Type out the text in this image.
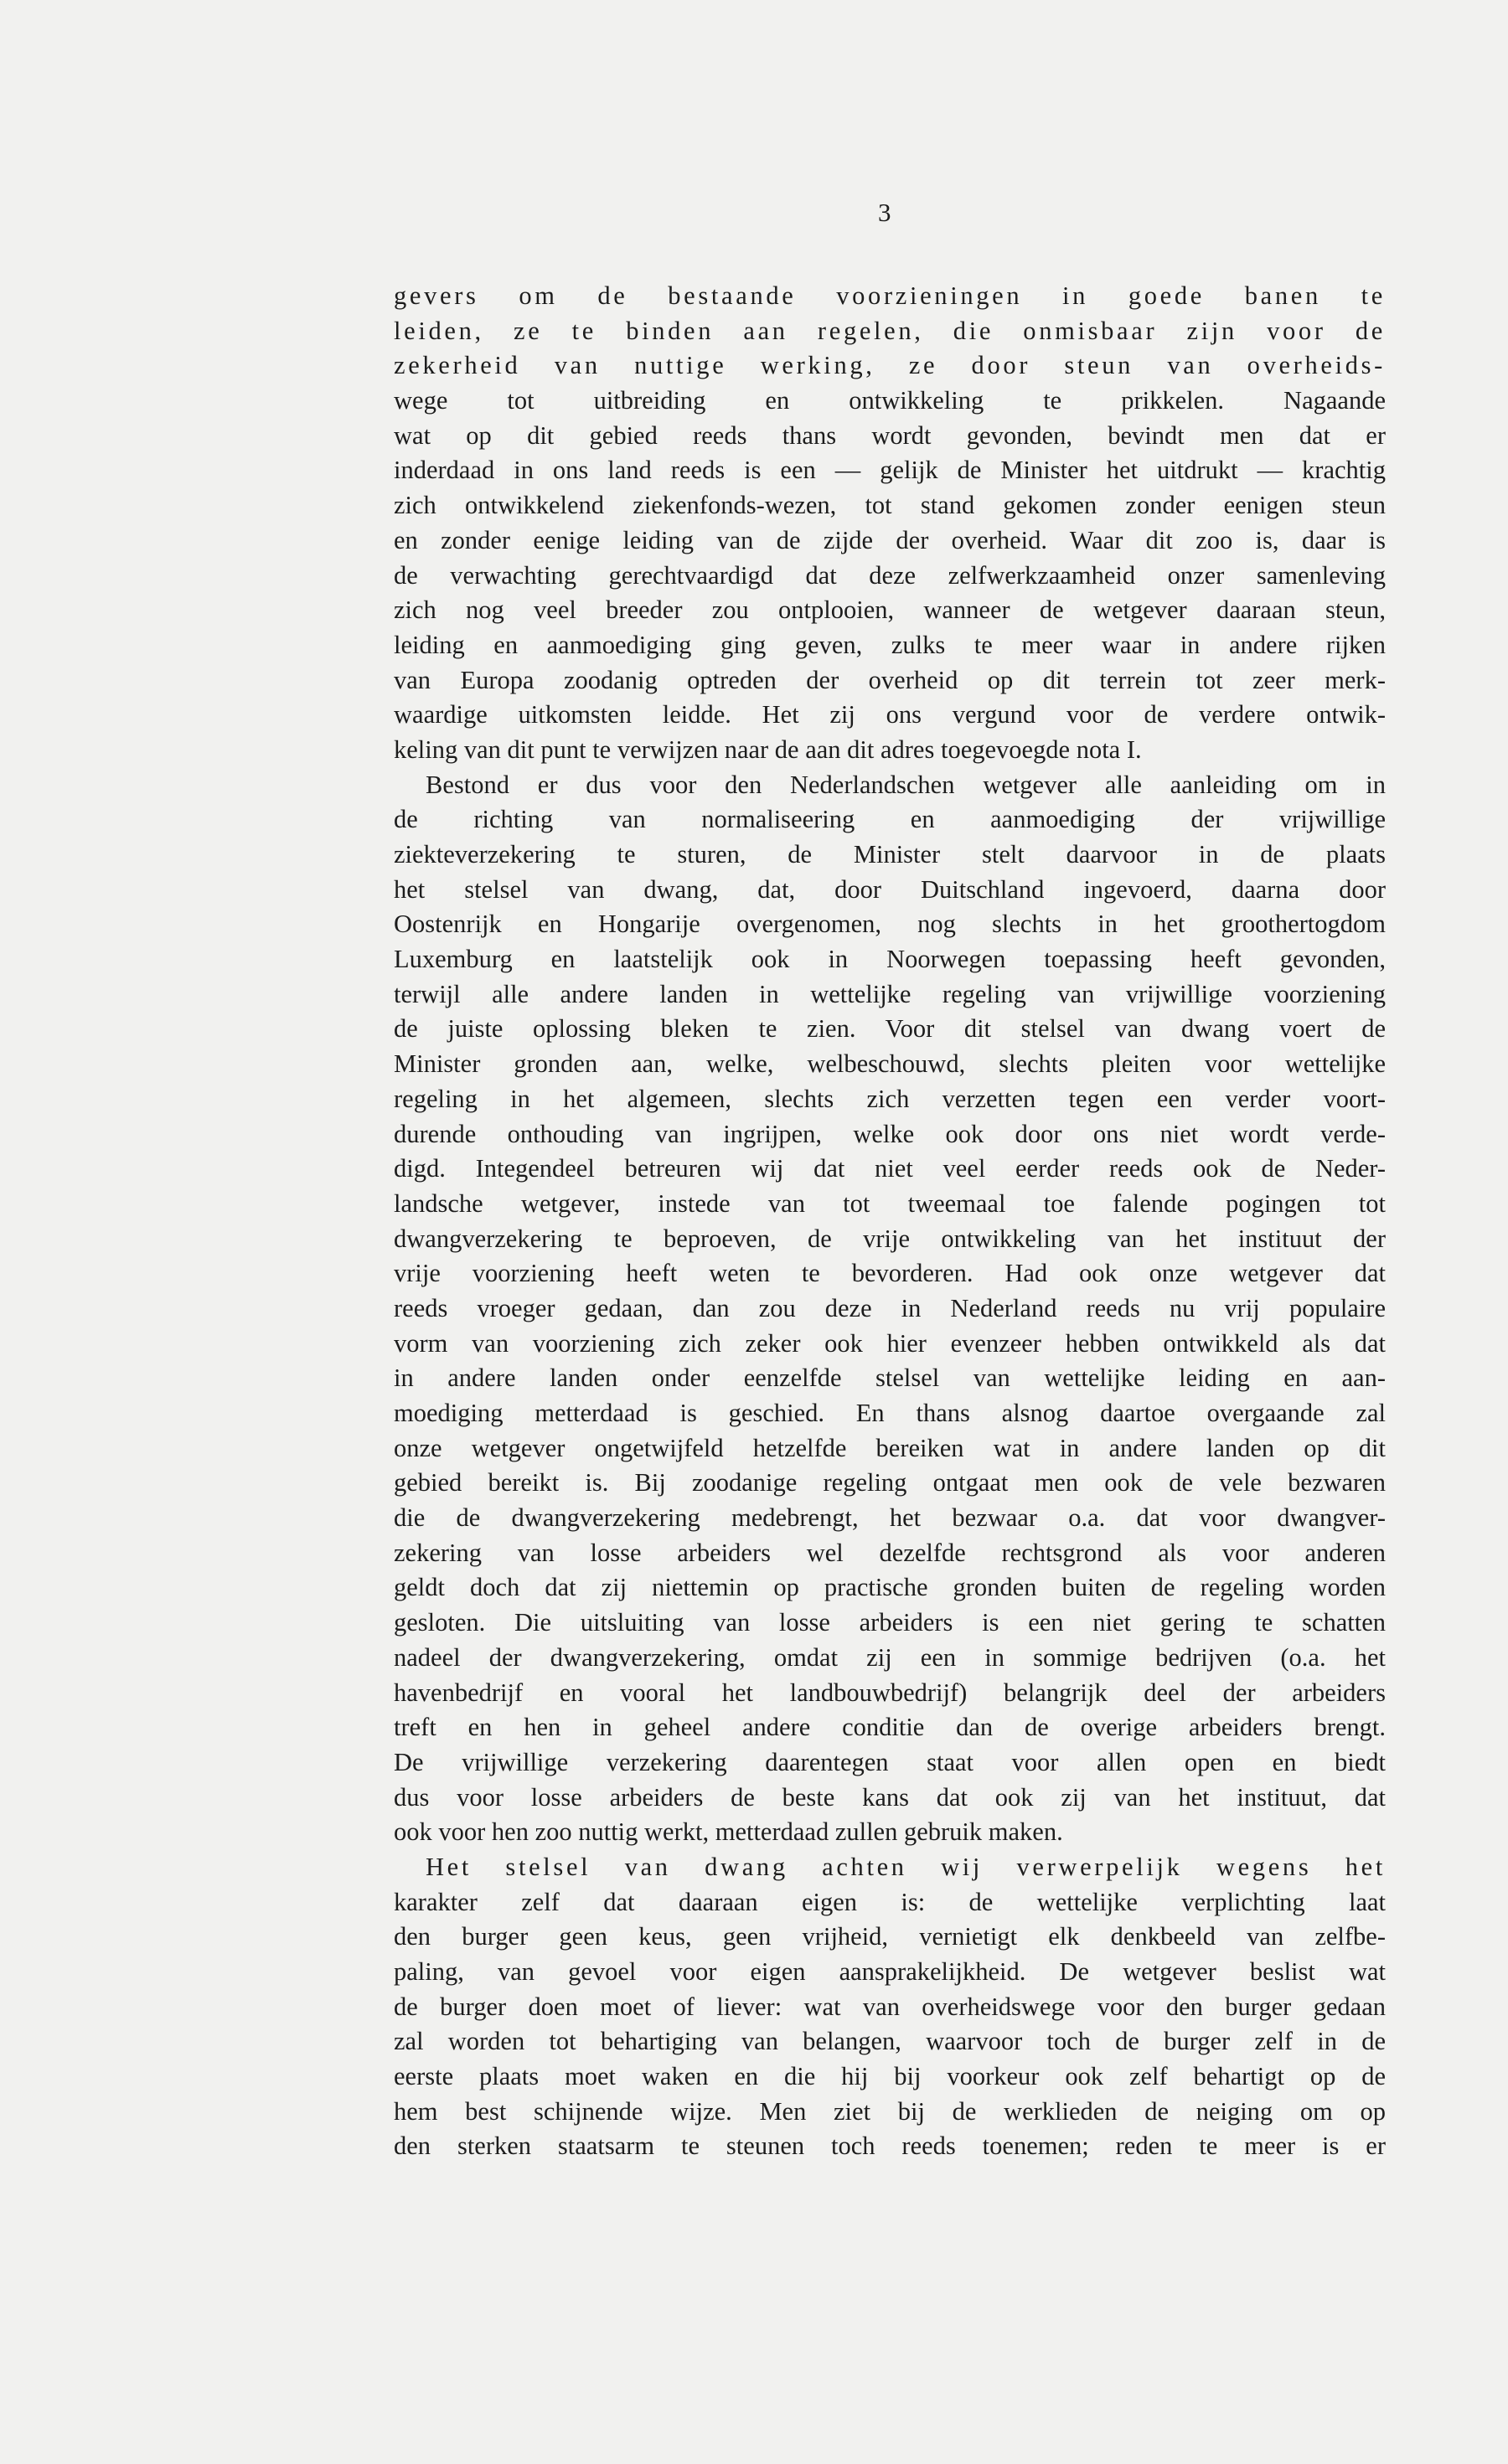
3
gevers om de bestaande voorzieningen in goede banen te
leiden, ze te binden aan regelen, die onmisbaar zijn voor de
zekerheid van nuttige werking, ze door steun van overheids-
wege tot uitbreiding en ontwikkeling te prikkelen. Nagaande
wat op dit gebied reeds thans wordt gevonden, bevindt men dat er
inderdaad in ons land reeds is een — gelijk de Minister het uitdrukt — krachtig
zich ontwikkelend ziekenfonds-wezen, tot stand gekomen zonder eenigen steun
en zonder eenige leiding van de zijde der overheid. Waar dit zoo is, daar is
de verwachting gerechtvaardigd dat deze zelfwerkzaamheid onzer samenleving
zich nog veel breeder zou ontplooien, wanneer de wetgever daaraan steun,
leiding en aanmoediging ging geven, zulks te meer waar in andere rijken
van Europa zoodanig optreden der overheid op dit terrein tot zeer merk-
waardige uitkomsten leidde. Het zij ons vergund voor de verdere ontwik-
keling van dit punt te verwijzen naar de aan dit adres toegevoegde nota I.
Bestond er dus voor den Nederlandschen wetgever alle aanleiding om in
de richting van normaliseering en aanmoediging der vrijwillige
ziekteverzekering te sturen, de Minister stelt daarvoor in de plaats
het stelsel van dwang, dat, door Duitschland ingevoerd, daarna door
Oostenrijk en Hongarije overgenomen, nog slechts in het groothertogdom
Luxemburg en laatstelijk ook in Noorwegen toepassing heeft gevonden,
terwijl alle andere landen in wettelijke regeling van vrijwillige voorziening
de juiste oplossing bleken te zien. Voor dit stelsel van dwang voert de
Minister gronden aan, welke, welbeschouwd, slechts pleiten voor wettelijke
regeling in het algemeen, slechts zich verzetten tegen een verder voort-
durende onthouding van ingrijpen, welke ook door ons niet wordt verde-
digd. Integendeel betreuren wij dat niet veel eerder reeds ook de Neder-
landsche wetgever, instede van tot tweemaal toe falende pogingen tot
dwangverzekering te beproeven, de vrije ontwikkeling van het instituut der
vrije voorziening heeft weten te bevorderen. Had ook onze wetgever dat
reeds vroeger gedaan, dan zou deze in Nederland reeds nu vrij populaire
vorm van voorziening zich zeker ook hier evenzeer hebben ontwikkeld als dat
in andere landen onder eenzelfde stelsel van wettelijke leiding en aan-
moediging metterdaad is geschied. En thans alsnog daartoe overgaande zal
onze wetgever ongetwijfeld hetzelfde bereiken wat in andere landen op dit
gebied bereikt is. Bij zoodanige regeling ontgaat men ook de vele bezwaren
die de dwangverzekering medebrengt, het bezwaar o.a. dat voor dwangver-
zekering van losse arbeiders wel dezelfde rechtsgrond als voor anderen
geldt doch dat zij niettemin op practische gronden buiten de regeling worden
gesloten. Die uitsluiting van losse arbeiders is een niet gering te schatten
nadeel der dwangverzekering, omdat zij een in sommige bedrijven (o.a. het
havenbedrijf en vooral het landbouwbedrijf) belangrijk deel der arbeiders
treft en hen in geheel andere conditie dan de overige arbeiders brengt.
De vrijwillige verzekering daarentegen staat voor allen open en biedt
dus voor losse arbeiders de beste kans dat ook zij van het instituut, dat
ook voor hen zoo nuttig werkt, metterdaad zullen gebruik maken.
Het stelsel van dwang achten wij verwerpelijk wegens het
karakter zelf dat daaraan eigen is: de wettelijke verplichting laat
den burger geen keus, geen vrijheid, vernietigt elk denkbeeld van zelfbe-
paling, van gevoel voor eigen aansprakelijkheid. De wetgever beslist wat
de burger doen moet of liever: wat van overheidswege voor den burger gedaan
zal worden tot behartiging van belangen, waarvoor toch de burger zelf in de
eerste plaats moet waken en die hij bij voorkeur ook zelf behartigt op de
hem best schijnende wijze. Men ziet bij de werklieden de neiging om op
den sterken staatsarm te steunen toch reeds toenemen; reden te meer is er
